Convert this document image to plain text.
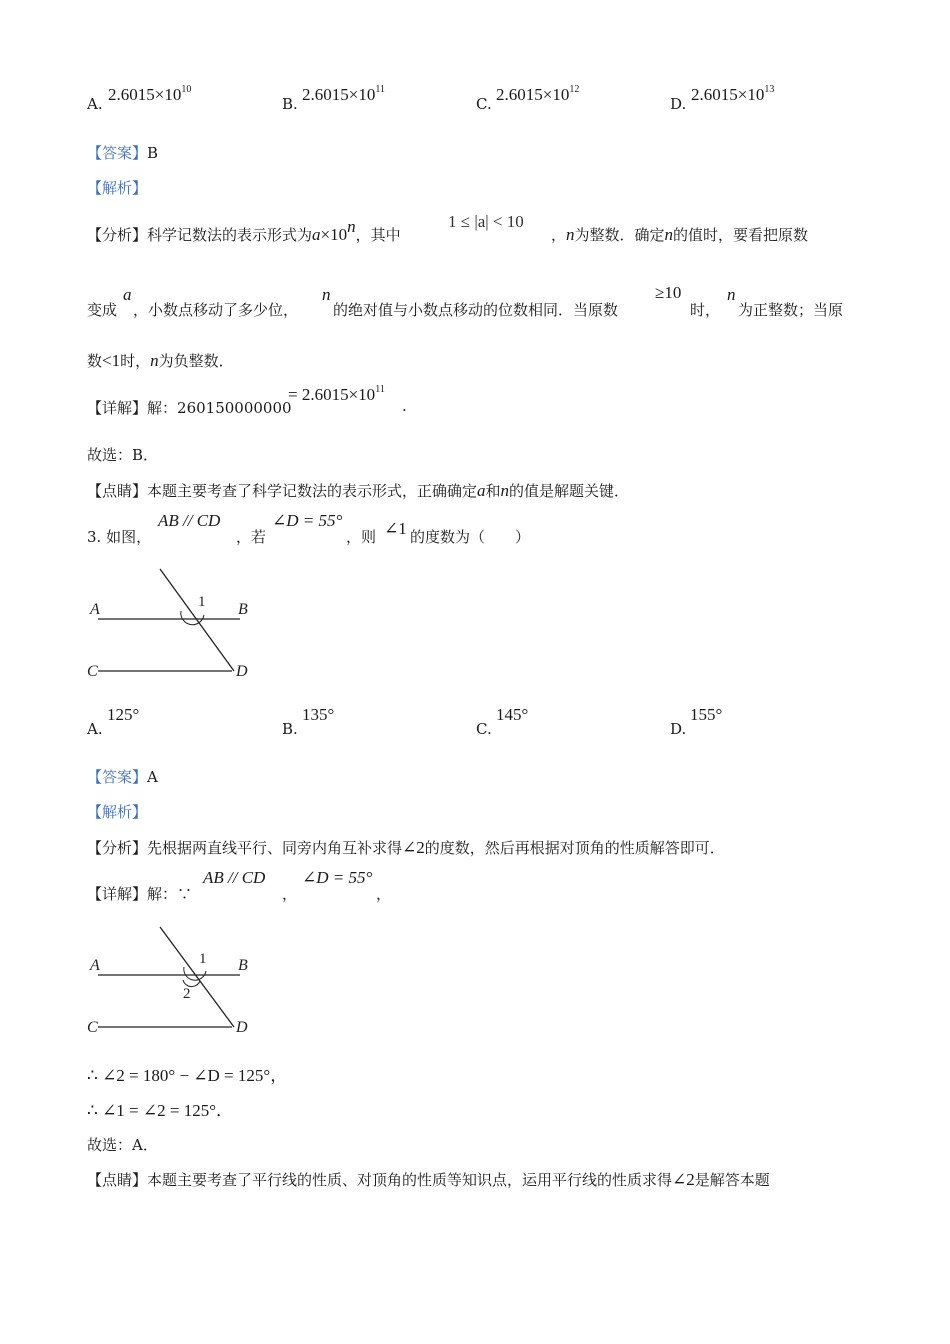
A. $2.6015\times 10^{10}$
B. $2.6015\times 10^{11}$
C. $2.6015\times 10^{12}$
D. $2.6015\times 10^{13}$
【答案】B
【解析】
【分析】科学记数法的表示形式为$a\times 10^n$，其中
1 ≤ |a| < 10
，n为整数．确定n的值时，要看把原数
变成
a
，小数点移动了多少位，
n
的绝对值与小数点移动的位数相同．当原数
≥10
时，
n
为正整数；当原
数<1时，n为负整数．
【详解】解：260150000000
= $2.6015\times 10^{11}$
.
故选：B．
【点睛】本题主要考查了科学记数法的表示形式，正确确定a和n的值是解题关键．
3. 如图，
AB // CD
，若
∠D = 55°
，则 ∠1 的度数为（　　）
A	B
C	D
1
A.
125°
B.
135°
C.
145°
D.
155°
【答案】A
【解析】
【分析】先根据两直线平行、同旁内角互补求得∠2的度数，然后再根据对顶角的性质解答即可．
【详解】解：∵
AB // CD
，
∠D = 55°
，
A	B
C	D
1
2
∴ ∠2 = 180° − ∠D = 125°，
∴ ∠1 = ∠2 = 125°．
故选：A．
【点睛】本题主要考查了平行线的性质、对顶角的性质等知识点，运用平行线的性质求得∠2是解答本题
